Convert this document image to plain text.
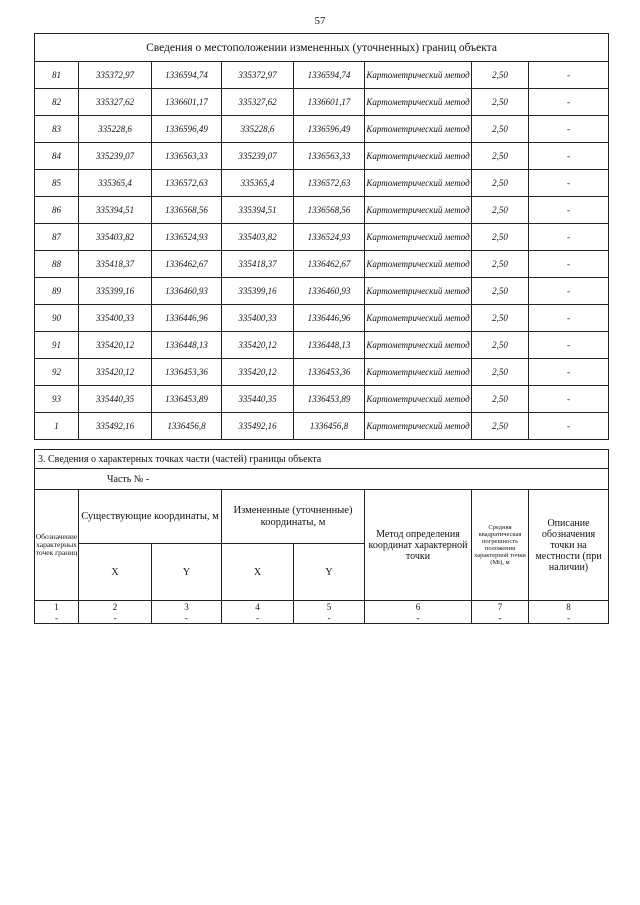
57
Сведения о местоположении измененных (уточненных) границ объекта							
81	335372,97	1336594,74	335372,97	1336594,74	Картометрический метод	2,50	-
82	335327,62	1336601,17	335327,62	1336601,17	Картометрический метод	2,50	-
83	335228,6	1336596,49	335228,6	1336596,49	Картометрический метод	2,50	-
84	335239,07	1336563,33	335239,07	1336563,33	Картометрический метод	2,50	-
85	335365,4	1336572,63	335365,4	1336572,63	Картометрический метод	2,50	-
86	335394,51	1336568,56	335394,51	1336568,56	Картометрический метод	2,50	-
87	335403,82	1336524,93	335403,82	1336524,93	Картометрический метод	2,50	-
88	335418,37	1336462,67	335418,37	1336462,67	Картометрический метод	2,50	-
89	335399,16	1336460,93	335399,16	1336460,93	Картометрический метод	2,50	-
90	335400,33	1336446,96	335400,33	1336446,96	Картометрический метод	2,50	-
91	335420,12	1336448,13	335420,12	1336448,13	Картометрический метод	2,50	-
92	335420,12	1336453,36	335420,12	1336453,36	Картометрический метод	2,50	-
93	335440,35	1336453,89	335440,35	1336453,89	Картометрический метод	2,50	-
1	335492,16	1336456,8	335492,16	1336456,8	Картометрический метод	2,50	-
3. Сведения о характерных точках части (частей) границы объекта							
Часть № -							
Обозначение характерных точек границ	Существующие координаты, м		Измененные (уточненные) координаты, м		Метод определения координат характерной точки	Средняя квадратическая погрешность положения характерной точки (Mt), м	Описание обозначения точки на местности (при наличии)
	X	Y	X	Y			
1	2	3	4	5	6	7	8
-	-	-	-	-	-	-	-
